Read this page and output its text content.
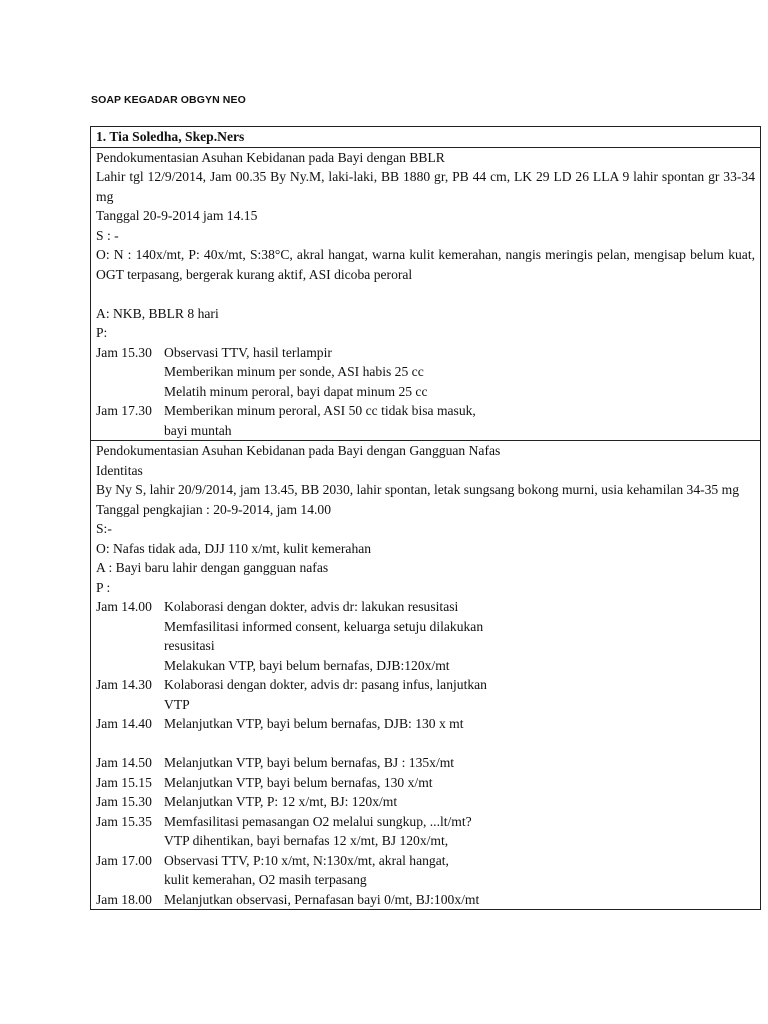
SOAP KEGADAR OBGYN NEO
1. Tia Soledha, Skep.Ners

Pendokumentasian Asuhan Kebidanan pada Bayi dengan BBLR
Lahir tgl 12/9/2014, Jam 00.35 By Ny.M, laki-laki, BB 1880 gr, PB 44 cm, LK 29 LD 26 LLA 9 lahir spontan gr 33-34 mg
Tanggal 20-9-2014 jam 14.15
S : -
O: N : 140x/mt, P: 40x/mt, S:38°C, akral hangat, warna kulit kemerahan, nangis meringis pelan, mengisap belum kuat, OGT terpasang, bergerak kurang aktif, ASI dicoba peroral
A: NKB, BBLR 8 hari
P:
Jam 15.30 Observasi TTV, hasil terlampir
Memberikan minum per sonde, ASI habis 25 cc
Melatih minum peroral, bayi dapat minum 25 cc
Jam 17.30 Memberikan minum peroral, ASI 50 cc tidak bisa masuk,
bayi muntah

Pendokumentasian Asuhan Kebidanan pada Bayi dengan Gangguan Nafas
Identitas
By Ny S, lahir 20/9/2014, jam 13.45, BB 2030, lahir spontan, letak sungsang bokong murni, usia kehamilan 34-35 mg
Tanggal pengkajian : 20-9-2014, jam 14.00
S:-
O: Nafas tidak ada, DJJ 110 x/mt, kulit kemerahan
A : Bayi baru lahir dengan gangguan nafas
P :
Jam 14.00 Kolaborasi dengan dokter, advis dr: lakukan resusitasi
Memfasilitasi informed consent, keluarga setuju dilakukan
resusitasi
Melakukan VTP, bayi belum bernafas, DJB:120x/mt
Jam 14.30 Kolaborasi dengan dokter, advis dr: pasang infus, lanjutkan
VTP
Jam 14.40 Melanjutkan VTP, bayi belum bernafas, DJB: 130 x mt
Jam 14.50 Melanjutkan VTP, bayi belum bernafas, BJ : 135x/mt
Jam 15.15 Melanjutkan VTP, bayi belum bernafas, 130 x/mt
Jam 15.30 Melanjutkan VTP, P: 12 x/mt, BJ: 120x/mt
Jam 15.35 Memfasilitasi pemasangan O2 melalui sungkup, ...lt/mt?
VTP dihentikan, bayi bernafas 12 x/mt, BJ 120x/mt,
Jam 17.00 Observasi TTV, P:10 x/mt, N:130x/mt, akral hangat,
kulit kemerahan, O2 masih terpasang
Jam 18.00 Melanjutkan observasi, Pernafasan bayi 0/mt, BJ:100x/mt
